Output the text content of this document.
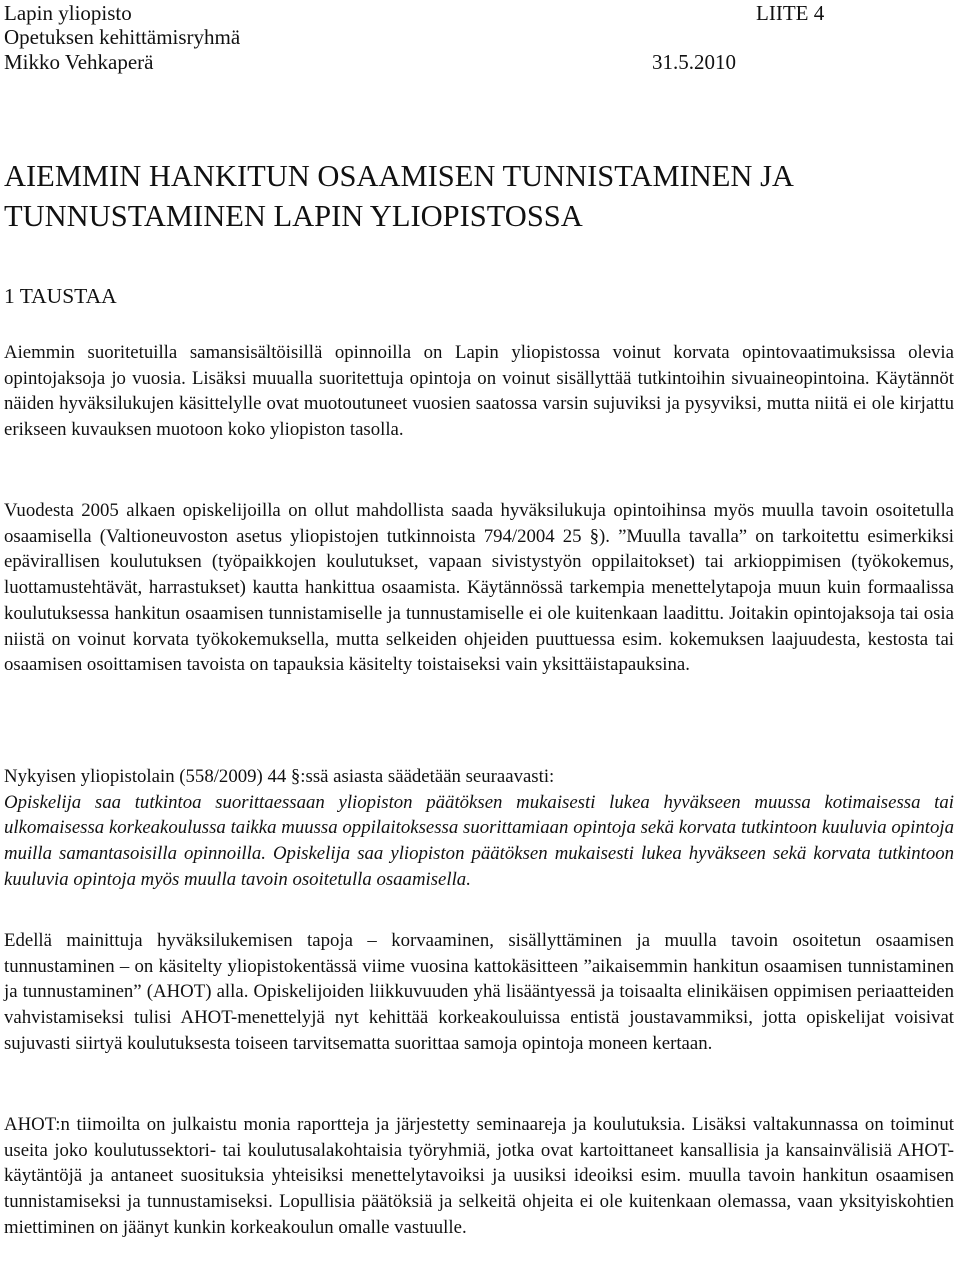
Lapin yliopisto
Opetuksen kehittämisryhmä
Mikko Vehkaperä
LIITE 4
31.5.2010
AIEMMIN HANKITUN OSAAMISEN TUNNISTAMINEN JA TUNNUSTAMINEN LAPIN YLIOPISTOSSA
1 TAUSTAA

Aiemmin suoritetuilla samansisältöisillä opinnoilla on Lapin yliopistossa voinut korvata opintovaatimuksissa olevia opintojaksoja jo vuosia. Lisäksi muualla suoritettuja opintoja on voinut sisällyttää tutkintoihin sivuaineopintoina. Käytännöt näiden hyväksilukujen käsittelylle ovat muotoutuneet vuosien saatossa varsin sujuviksi ja pysyviksi, mutta niitä ei ole kirjattu erikseen kuvauksen muotoon koko yliopiston tasolla.

Vuodesta 2005 alkaen opiskelijoilla on ollut mahdollista saada hyväksilukuja opintoihinsa myös muulla tavoin osoitetulla osaamisella (Valtioneuvoston asetus yliopistojen tutkinnoista 794/2004 25 §). ”Muulla tavalla” on tarkoitettu esimerkiksi epävirallisen koulutuksen (työpaikkojen koulutukset, vapaan sivistystyön oppilaitokset) tai arkioppimisen (työkokemus, luottamustehtävät, harrastukset) kautta hankittua osaamista. Käytännössä tarkempia menettelytapoja muun kuin formaalissa koulutuksessa hankitun osaamisen tunnistamiselle ja tunnustamiselle ei ole kuitenkaan laadittu. Joitakin opintojaksoja tai osia niistä on voinut korvata työkokemuksella, mutta selkeiden ohjeiden puuttuessa esim. kokemuksen laajuudesta, kestosta tai osaamisen osoittamisen tavoista on tapauksia käsitelty toistaiseksi vain yksittäistapauksina.

Nykyisen yliopistolain (558/2009) 44 §:ssä asiasta säädetään seuraavasti:
Opiskelija saa tutkintoa suorittaessaan yliopiston päätöksen mukaisesti lukea hyväkseen muussa kotimaisessa tai ulkomaisessa korkeakoulussa taikka muussa oppilaitoksessa suorittamiaan opintoja sekä korvata tutkintoon kuuluvia opintoja muilla samantasoisilla opinnoilla. Opiskelija saa yliopiston päätöksen mukaisesti lukea hyväkseen sekä korvata tutkintoon kuuluvia opintoja myös muulla tavoin osoitetulla osaamisella.

Edellä mainittuja hyväksilukemisen tapoja – korvaaminen, sisällyttäminen ja muulla tavoin osoitetun osaamisen tunnustaminen – on käsitelty yliopistokentässä viime vuosina kattokäsitteen ”aikaisemmin hankitun osaamisen tunnistaminen ja tunnustaminen” (AHOT) alla. Opiskelijoiden liikkuvuuden yhä lisääntyessä ja toisaalta elinikäisen oppimisen periaatteiden vahvistamiseksi tulisi AHOT-menettelyjä nyt kehittää korkeakouluissa entistä joustavammiksi, jotta opiskelijat voisivat sujuvasti siirtyä koulutuksesta toiseen tarvitsematta suorittaa samoja opintoja moneen kertaan.

AHOT:n tiimoilta on julkaistu monia raportteja ja järjestetty seminaareja ja koulutuksia. Lisäksi valtakunnassa on toiminut useita joko koulutussektori- tai koulutusalakohtaisia työryhmiä, jotka ovat kartoittaneet kansallisia ja kansainvälisiä AHOT-käytäntöjä ja antaneet suosituksia yhteisiksi menettelytavoiksi ja uusiksi ideoiksi esim. muulla tavoin hankitun osaamisen tunnistamiseksi ja tunnustamiseksi. Lopullisia päätöksiä ja selkeitä ohjeita ei ole kuitenkaan olemassa, vaan yksityiskohtien miettiminen on jäänyt kunkin korkeakoulun omalle vastuulle.
